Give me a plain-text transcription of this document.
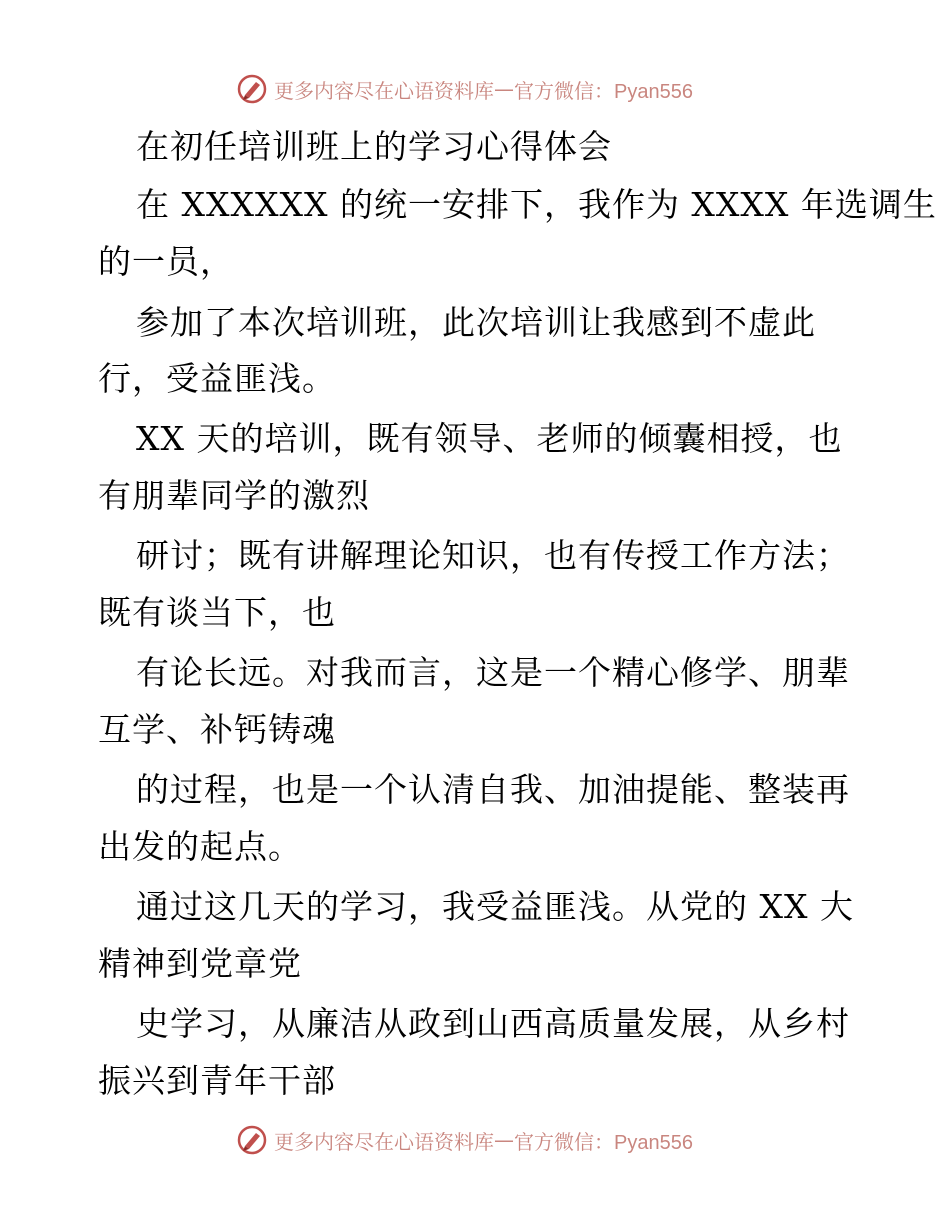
更多内容尽在心语资料库 — 官方微信：Pyan556
在初任培训班上的学习心得体会
在 XXXXXX 的统一安排下，我作为 XXXX 年选调生
的一员，
参加了本次培训班，此次培训让我感到不虚此
行，受益匪浅。
XX 天的培训，既有领导、老师的倾囊相授，也
有朋辈同学的激烈
研讨；既有讲解理论知识，也有传授工作方法；
既有谈当下，也
有论长远。对我而言，这是一个精心修学、朋辈
互学、补钙铸魂
的过程，也是一个认清自我、加油提能、整装再
出发的起点。
通过这几天的学习，我受益匪浅。从党的 XX 大
精神到党章党
史学习，从廉洁从政到山西高质量发展，从乡村
振兴到青年干部
更多内容尽在心语资料库 — 官方微信：Pyan556
